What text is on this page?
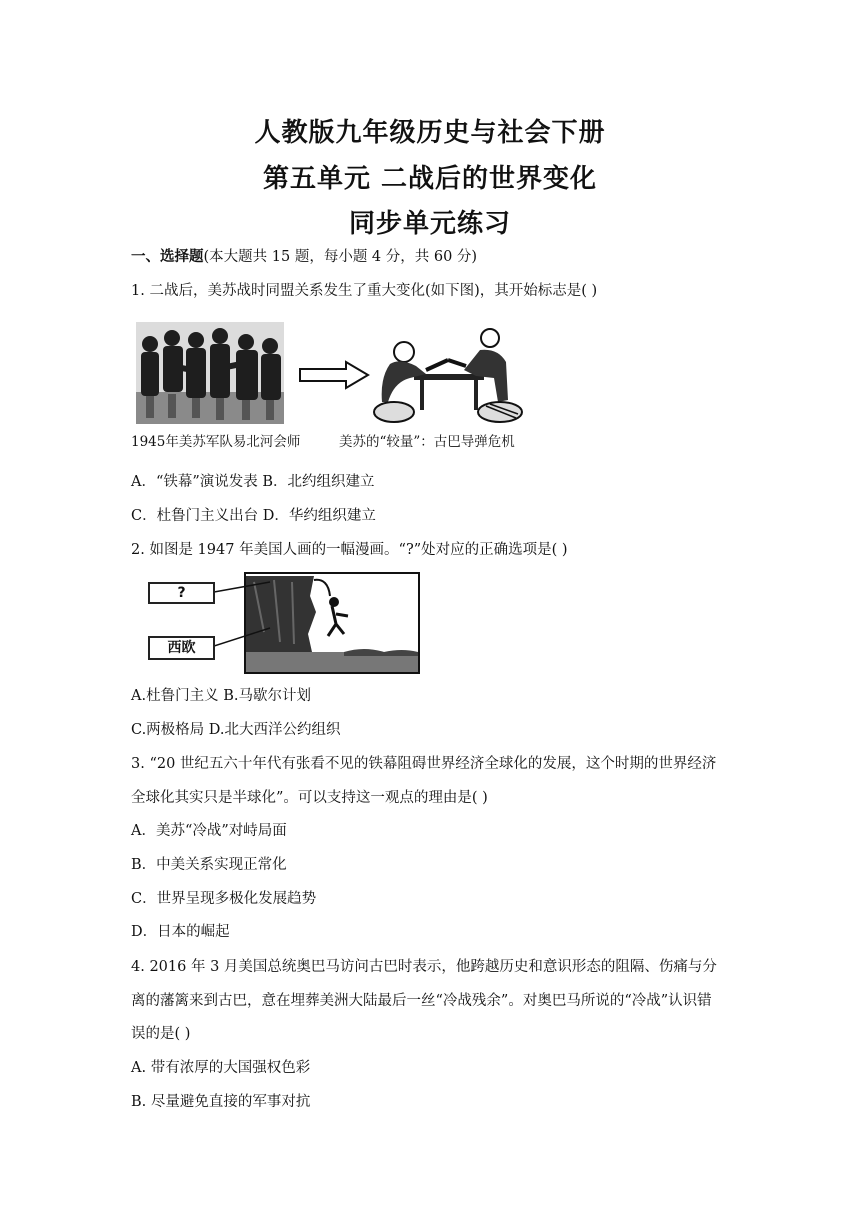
人教版九年级历史与社会下册
第五单元 二战后的世界变化
同步单元练习
一、选择题(本大题共 15 题，每小题 4 分，共 60 分)
1. 二战后，美苏战时同盟关系发生了重大变化(如下图)，其开始标志是( )
1945年美苏军队易北河会师	美苏的“较量”：古巴导弹危机
A．“铁幕”演说发表 B．北约组织建立
C．杜鲁门主义出台 D．华约组织建立
2. 如图是 1947 年美国人画的一幅漫画。“?”处对应的正确选项是( )
?
西欧
A.杜鲁门主义 B.马歇尔计划
C.两极格局 D.北大西洋公约组织
3. “20 世纪五六十年代有张看不见的铁幕阻碍世界经济全球化的发展，这个时期的世界经济
全球化其实只是半球化”。可以支持这一观点的理由是( )
A．美苏“冷战”对峙局面
B．中美关系实现正常化
C．世界呈现多极化发展趋势
D．日本的崛起
4. 2016 年 3 月美国总统奥巴马访问古巴时表示，他跨越历史和意识形态的阻隔、伤痛与分
离的藩篱来到古巴，意在埋葬美洲大陆最后一丝“冷战残余”。对奥巴马所说的“冷战”认识错
误的是( )
A. 带有浓厚的大国强权色彩
B. 尽量避免直接的军事对抗
